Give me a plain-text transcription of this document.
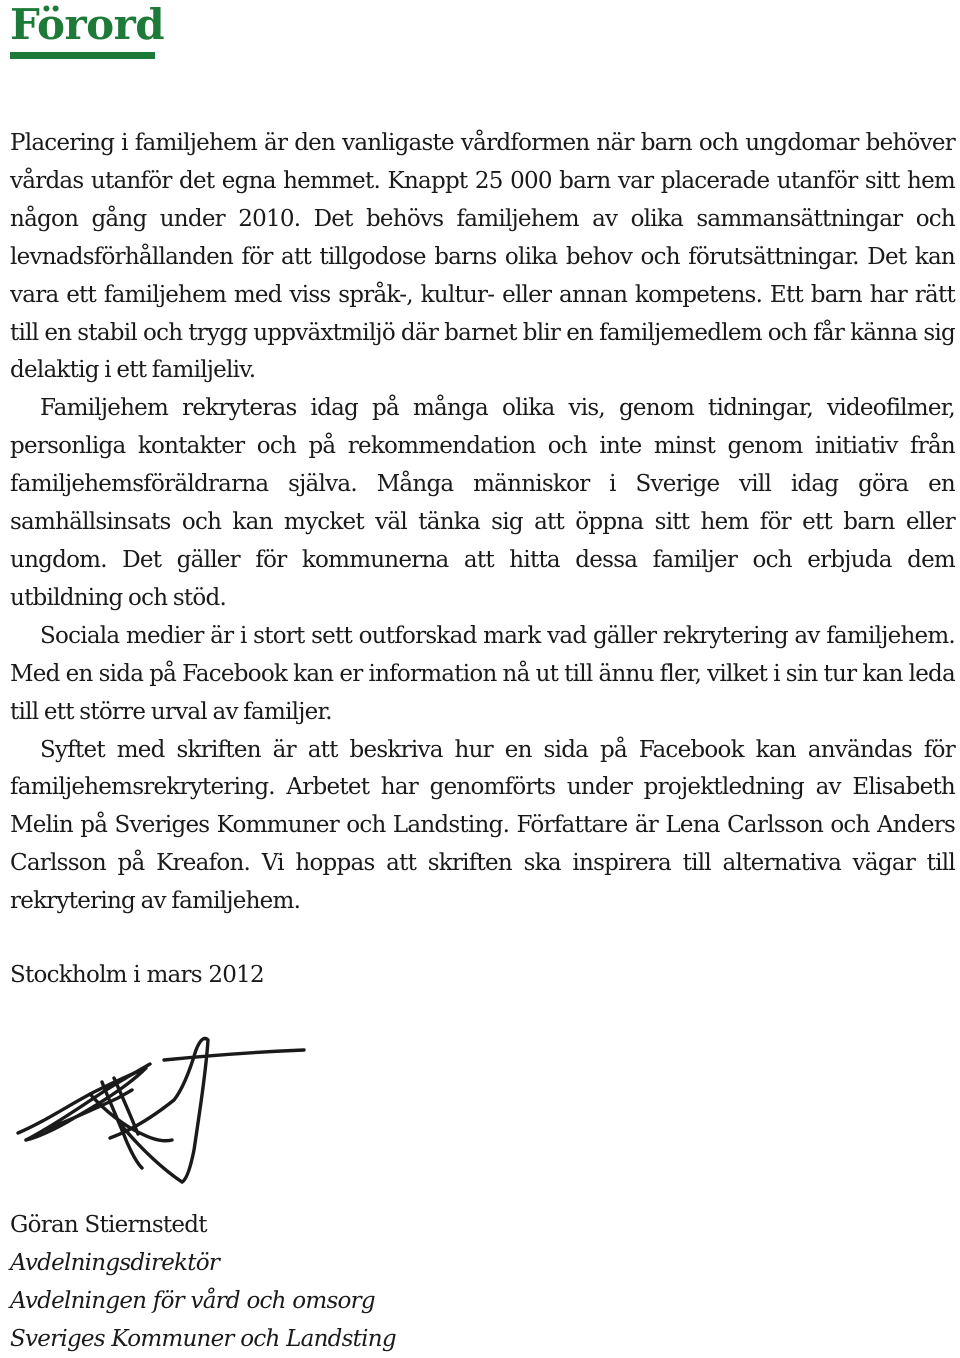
Förord

Placering i familjehem är den vanligaste vårdformen när barn och ungdomar behöver vårdas utanför det egna hemmet. Knappt 25 000 barn var placerade utanför sitt hem någon gång under 2010. Det behövs familjehem av olika sammansättningar och levnadsförhållanden för att tillgodose barns olika behov och förutsättningar. Det kan vara ett familjehem med viss språk-, kultur- eller annan kompetens. Ett barn har rätt till en stabil och trygg uppväxtmiljö där barnet blir en familjemedlem och får känna sig delaktig i ett familjeliv.

Familjehem rekryteras idag på många olika vis, genom tidningar, videofilmer, personliga kontakter och på rekommendation och inte minst genom initiativ från familjehemsföräldrarna själva. Många människor i Sverige vill idag göra en samhällsinsats och kan mycket väl tänka sig att öppna sitt hem för ett barn eller ungdom. Det gäller för kommunerna att hitta dessa familjer och erbjuda dem utbildning och stöd.

Sociala medier är i stort sett outforskad mark vad gäller rekrytering av familjehem. Med en sida på Facebook kan er information nå ut till ännu fler, vilket i sin tur kan leda till ett större urval av familjer.

Syftet med skriften är att beskriva hur en sida på Facebook kan användas för familjehemsrekrytering. Arbetet har genomförts under projektledning av Elisabeth Melin på Sveriges Kommuner och Landsting. Författare är Lena Carlsson och Anders Carlsson på Kreafon. Vi hoppas att skriften ska inspirera till alternativa vägar till rekrytering av familjehem.

Stockholm i mars 2012

Göran Stiernstedt
Avdelningsdirektör
Avdelningen för vård och omsorg
Sveriges Kommuner och Landsting
